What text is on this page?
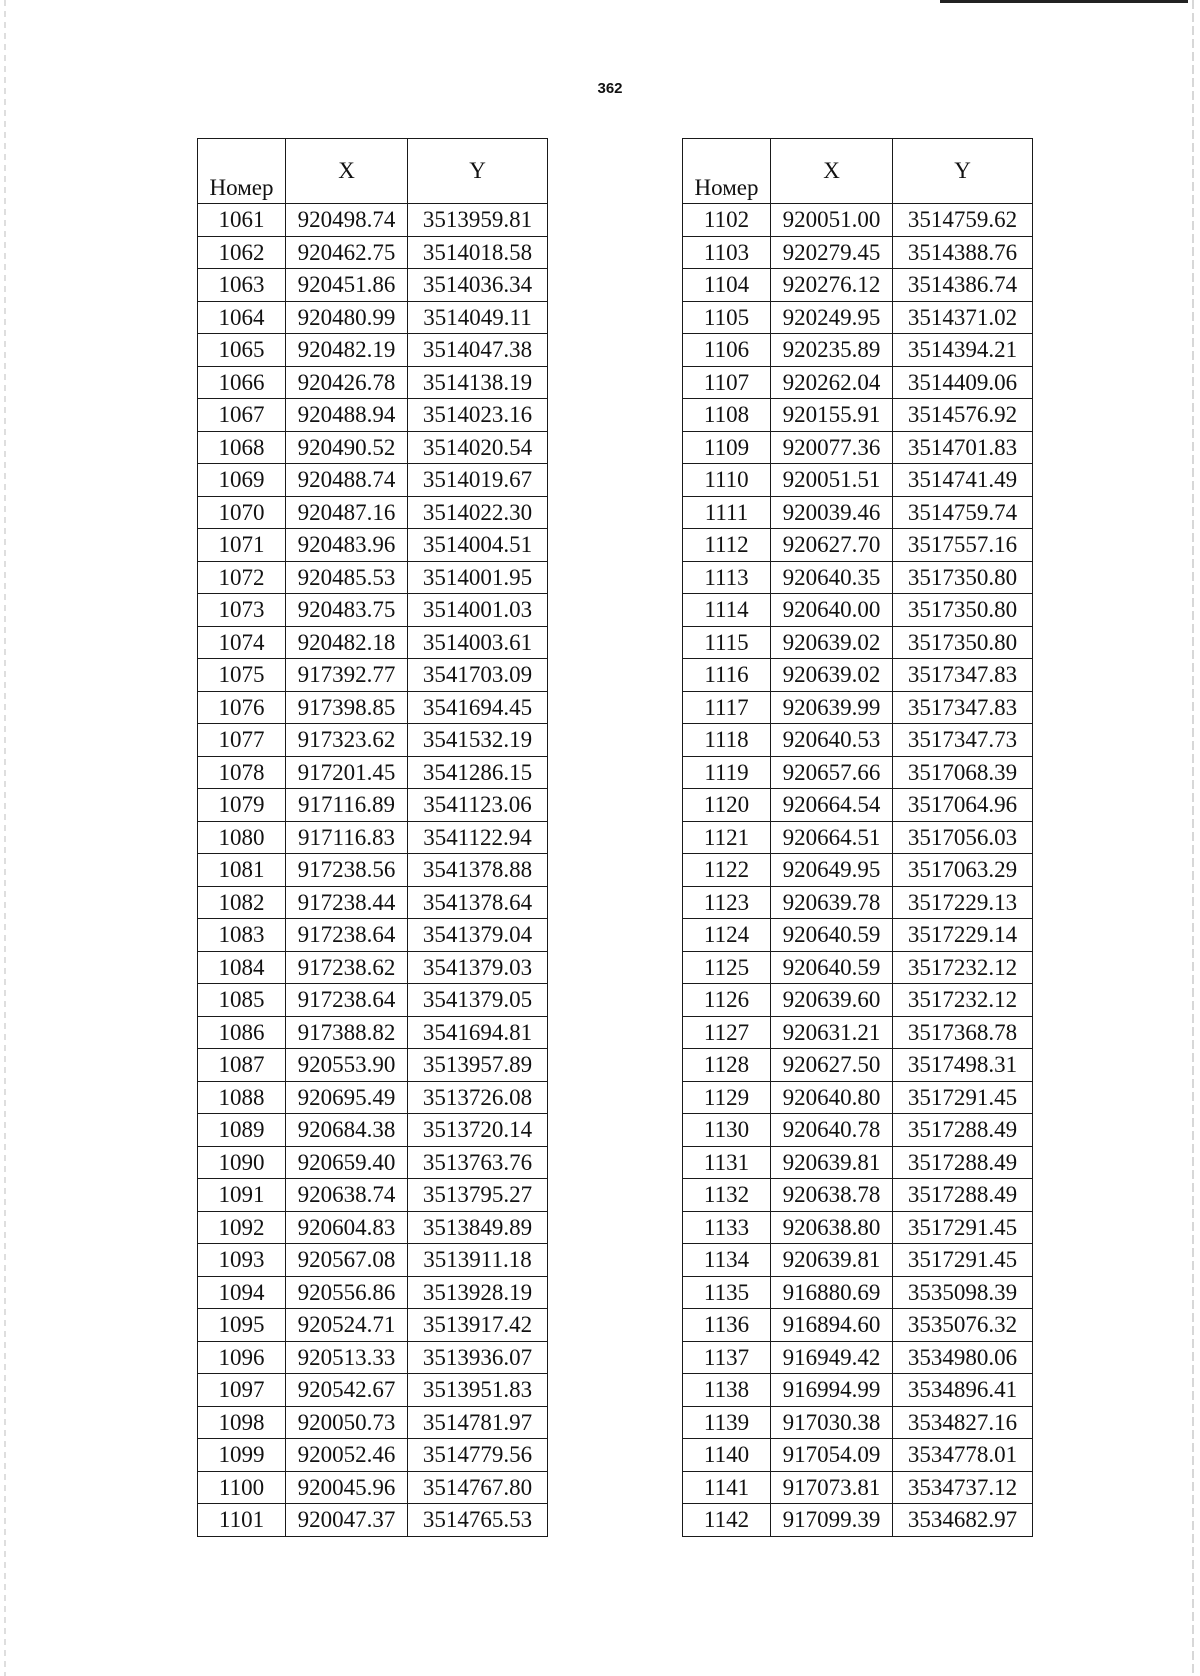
362
Номер	X	Y
1061	920498.74	3513959.81
1062	920462.75	3514018.58
1063	920451.86	3514036.34
1064	920480.99	3514049.11
1065	920482.19	3514047.38
1066	920426.78	3514138.19
1067	920488.94	3514023.16
1068	920490.52	3514020.54
1069	920488.74	3514019.67
1070	920487.16	3514022.30
1071	920483.96	3514004.51
1072	920485.53	3514001.95
1073	920483.75	3514001.03
1074	920482.18	3514003.61
1075	917392.77	3541703.09
1076	917398.85	3541694.45
1077	917323.62	3541532.19
1078	917201.45	3541286.15
1079	917116.89	3541123.06
1080	917116.83	3541122.94
1081	917238.56	3541378.88
1082	917238.44	3541378.64
1083	917238.64	3541379.04
1084	917238.62	3541379.03
1085	917238.64	3541379.05
1086	917388.82	3541694.81
1087	920553.90	3513957.89
1088	920695.49	3513726.08
1089	920684.38	3513720.14
1090	920659.40	3513763.76
1091	920638.74	3513795.27
1092	920604.83	3513849.89
1093	920567.08	3513911.18
1094	920556.86	3513928.19
1095	920524.71	3513917.42
1096	920513.33	3513936.07
1097	920542.67	3513951.83
1098	920050.73	3514781.97
1099	920052.46	3514779.56
1100	920045.96	3514767.80
1101	920047.37	3514765.53
Номер	X	Y
1102	920051.00	3514759.62
1103	920279.45	3514388.76
1104	920276.12	3514386.74
1105	920249.95	3514371.02
1106	920235.89	3514394.21
1107	920262.04	3514409.06
1108	920155.91	3514576.92
1109	920077.36	3514701.83
1110	920051.51	3514741.49
1111	920039.46	3514759.74
1112	920627.70	3517557.16
1113	920640.35	3517350.80
1114	920640.00	3517350.80
1115	920639.02	3517350.80
1116	920639.02	3517347.83
1117	920639.99	3517347.83
1118	920640.53	3517347.73
1119	920657.66	3517068.39
1120	920664.54	3517064.96
1121	920664.51	3517056.03
1122	920649.95	3517063.29
1123	920639.78	3517229.13
1124	920640.59	3517229.14
1125	920640.59	3517232.12
1126	920639.60	3517232.12
1127	920631.21	3517368.78
1128	920627.50	3517498.31
1129	920640.80	3517291.45
1130	920640.78	3517288.49
1131	920639.81	3517288.49
1132	920638.78	3517288.49
1133	920638.80	3517291.45
1134	920639.81	3517291.45
1135	916880.69	3535098.39
1136	916894.60	3535076.32
1137	916949.42	3534980.06
1138	916994.99	3534896.41
1139	917030.38	3534827.16
1140	917054.09	3534778.01
1141	917073.81	3534737.12
1142	917099.39	3534682.97
